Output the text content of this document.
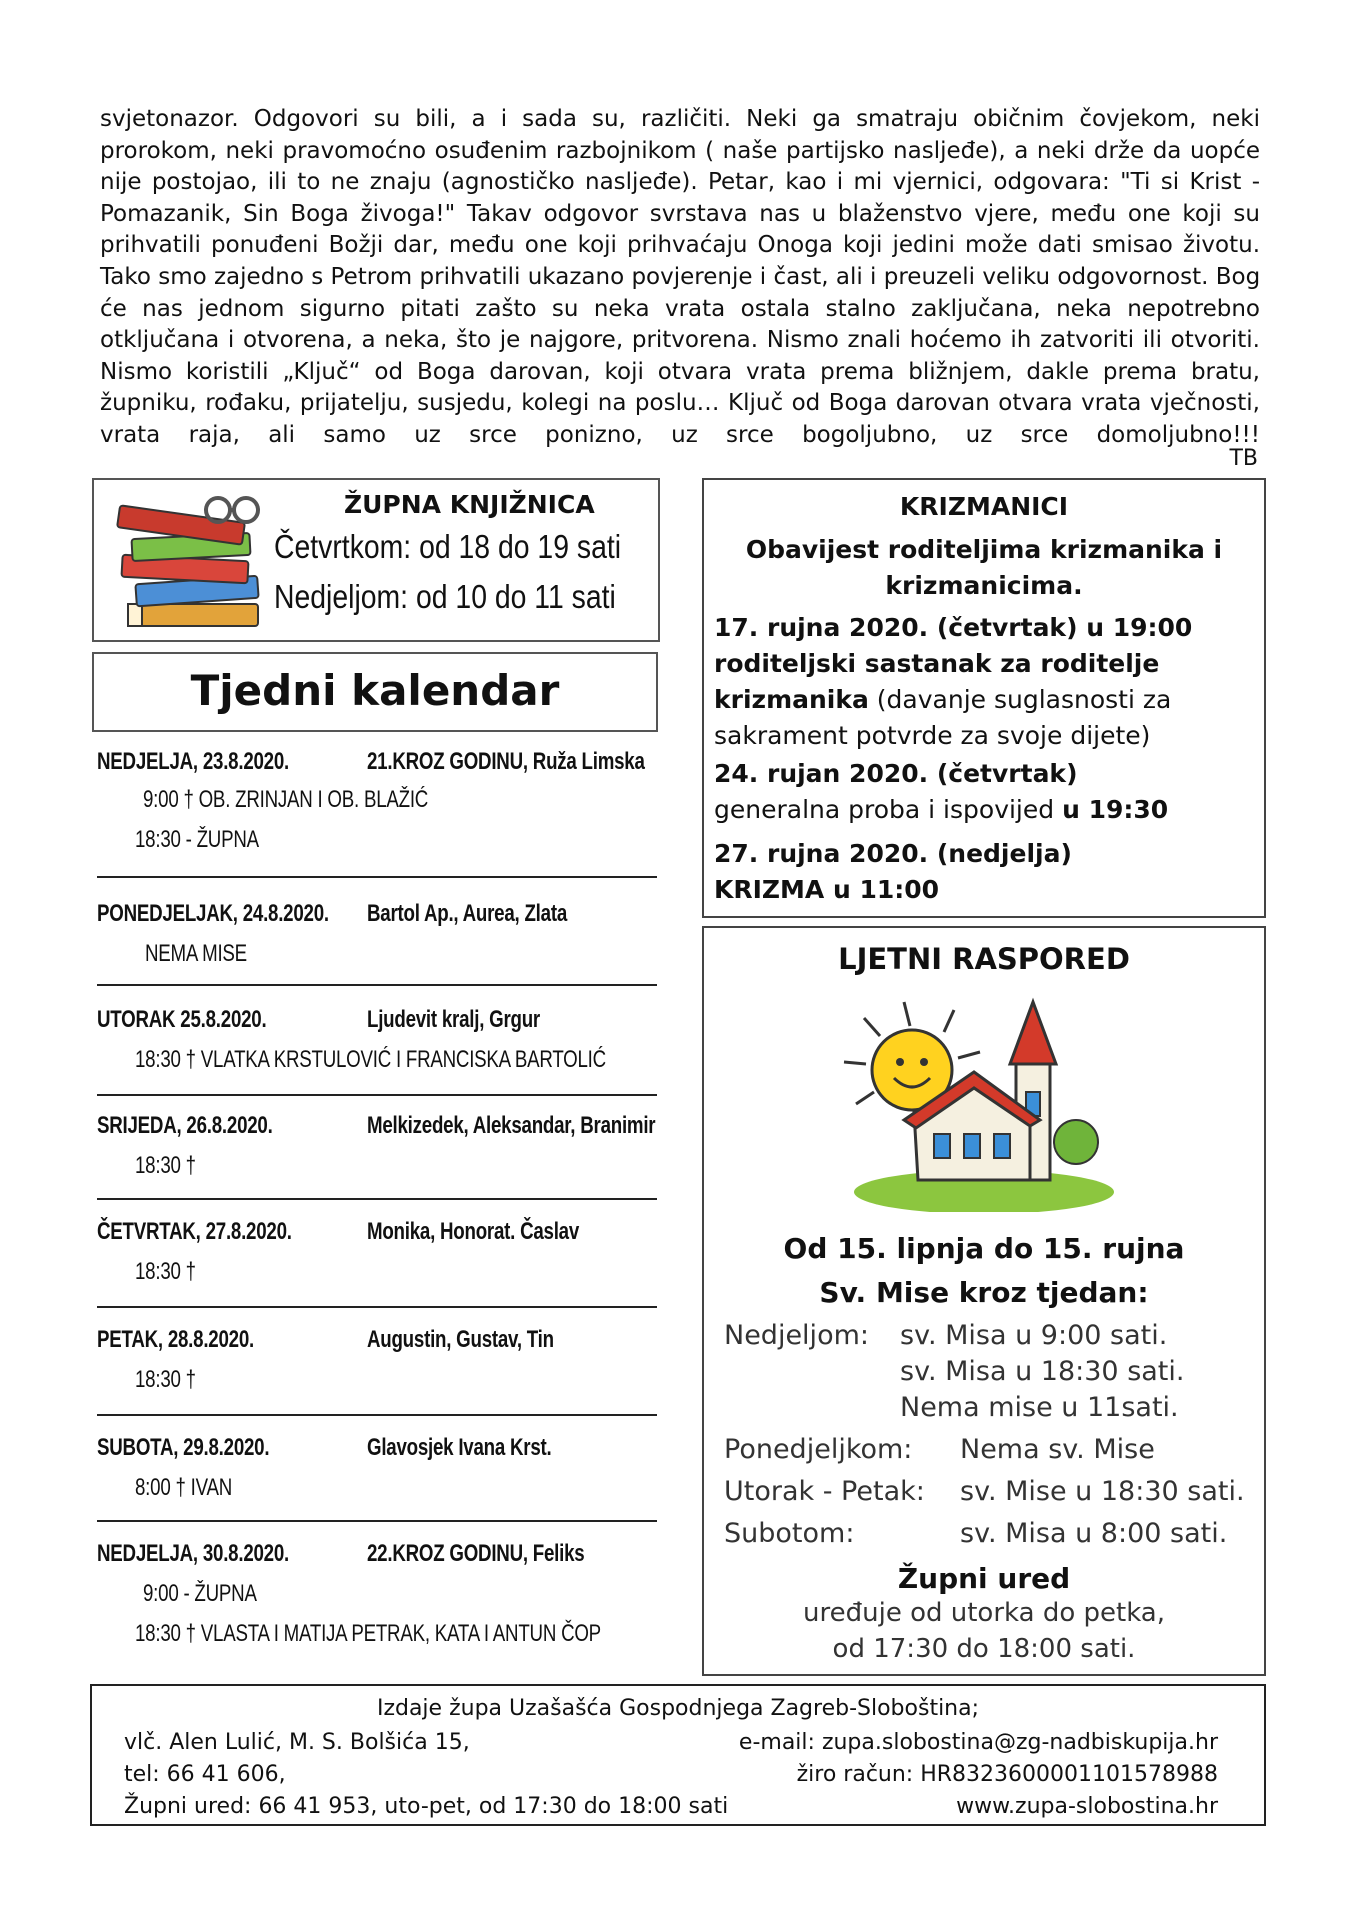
svjetonazor. Odgovori su bili, a i sada su, različiti. Neki ga smatraju običnim čovjekom, neki
prorokom, neki pravomoćno osuđenim razbojnikom ( naše partijsko nasljeđe), a neki drže da uopće
nije postojao, ili to ne znaju (agnostičko nasljeđe). Petar, kao i mi vjernici, odgovara: "Ti si Krist -
Pomazanik, Sin Boga živoga!" Takav odgovor svrstava nas u blaženstvo vjere, među one koji su
prihvatili ponuđeni Božji dar, među one koji prihvaćaju Onoga koji jedini može dati smisao životu.
Tako smo zajedno s Petrom prihvatili ukazano povjerenje i čast, ali i preuzeli veliku odgovornost. Bog
će nas jednom sigurno pitati zašto su neka vrata ostala stalno zaključana, neka nepotrebno
otključana i otvorena, a neka, što je najgore, pritvorena. Nismo znali hoćemo ih zatvoriti ili otvoriti.
Nismo koristili „Ključ“ od Boga darovan, koji otvara vrata prema bližnjem, dakle prema bratu,
župniku, rođaku, prijatelju, susjedu, kolegi na poslu… Ključ od Boga darovan otvara vrata vječnosti,
vrata raja, ali samo uz srce ponizno, uz srce bogoljubno, uz srce domoljubno!!!
TB
ŽUPNA KNJIŽNICA
Četvrtkom: od 18 do 19 sati
Nedjeljom: od 10 do 11 sati
Tjedni kalendar
NEDJELJA, 23.8.2020.	21.KROZ GODINU, Ruža Limska
9:00 † OB. ZRINJAN I OB. BLAŽIĆ
18:30 - ŽUPNA
PONEDJELJAK, 24.8.2020. Bartol Ap., Aurea, Zlata
NEMA MISE
UTORAK 25.8.2020.	Ljudevit kralj, Grgur
18:30 † VLATKA KRSTULOVIĆ I FRANCISKA BARTOLIĆ
SRIJEDA, 26.8.2020.	Melkizedek, Aleksandar, Branimir
18:30 †
ČETVRTAK, 27.8.2020.	Monika, Honorat. Časlav
18:30 †
PETAK, 28.8.2020.	Augustin, Gustav, Tin
18:30 †
SUBOTA, 29.8.2020.	Glavosjek Ivana Krst.
8:00 † IVAN
NEDJELJA, 30.8.2020.	22.KROZ GODINU, Feliks
9:00 - ŽUPNA
18:30 † VLASTA I MATIJA PETRAK, KATA I ANTUN ČOP
KRIZMANICI
Obavijest roditeljima krizmanika i
krizmanicima.
17. rujna 2020. (četvrtak) u 19:00
roditeljski sastanak za roditelje
krizmanika (davanje suglasnosti za
sakrament potvrde za svoje dijete)
24. rujan 2020. (četvrtak)
generalna proba i ispovijed u 19:30
27. rujna 2020. (nedjelja)
KRIZMA u 11:00
LJETNI RASPORED
Od 15. lipnja do 15. rujna
Sv. Mise kroz tjedan:
Nedjeljom: sv. Misa u 9:00 sati.
sv. Misa u 18:30 sati.
Nema mise u 11sati.
Ponedjeljkom: Nema sv. Mise
Utorak - Petak: sv. Mise u 18:30 sati.
Subotom:	sv. Misa u 8:00 sati.
Župni ured
uređuje od utorka do petka,
od 17:30 do 18:00 sati.
Izdaje župa Uzašašća Gospodnjega Zagreb-Sloboština;
vlč. Alen Lulić, M. S. Bolšića 15,	e-mail: zupa.slobostina@zg-nadbiskupija.hr
tel: 66 41 606,	žiro račun: HR8323600001101578988
Župni ured: 66 41 953, uto-pet, od 17:30 do 18:00 sati	www.zupa-slobostina.hr
